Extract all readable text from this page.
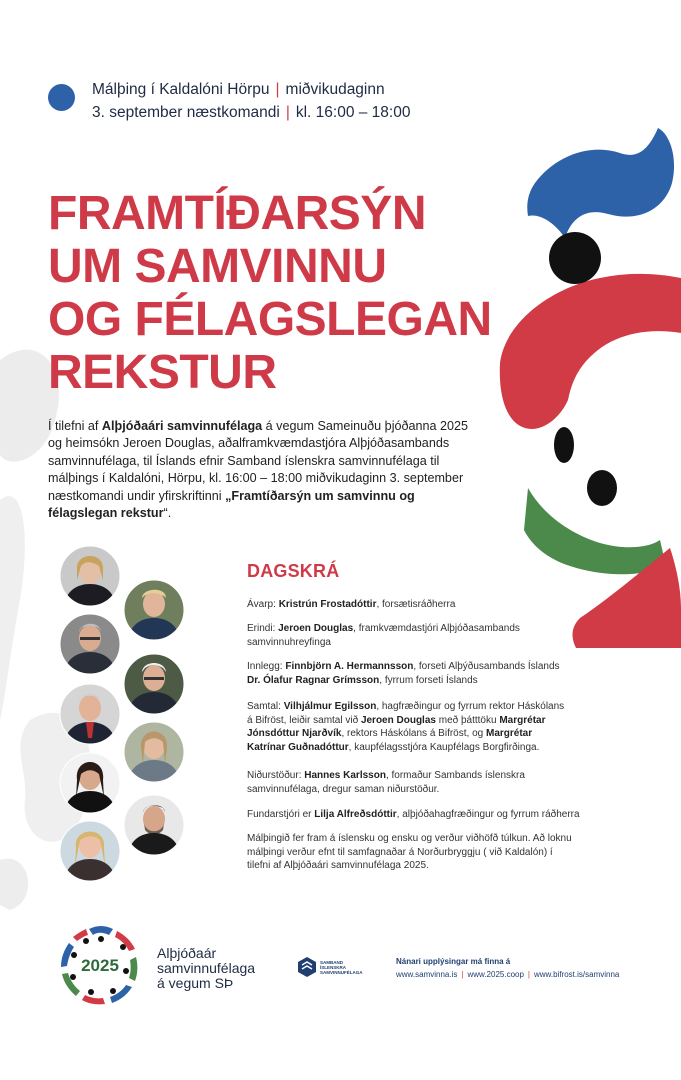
Málþing í Kaldalóni Hörpu | miðvikudaginn
3. september næstkomandi | kl. 16:00 – 18:00
FRAMTÍÐARSÝN
UM SAMVINNU
OG FÉLAGSLEGAN
REKSTUR

Í tilefni af Alþjóðaári samvinnufélaga á vegum Sameinuðu þjóðanna 2025 og heimsókn Jeroen Douglas, aðalframkvæmdastjóra Alþjóðasambands samvinnufélaga, til Íslands efnir Samband íslenskra samvinnufélaga til málþings í Kaldalóni, Hörpu, kl. 16:00 – 18:00 miðvikudaginn 3. september næstkomandi undir yfirskriftinni „Framtíðarsýn um samvinnu og félagslegan rekstur“.

DAGSKRÁ
Ávarp: Kristrún Frostadóttir, forsætisráðherra
Erindi: Jeroen Douglas, framkvæmdastjóri Alþjóðasambands samvinnuhreyfinga
Innlegg: Finnbjörn A. Hermannsson, forseti Alþýðusambands Íslands
Dr. Ólafur Ragnar Grímsson, fyrrum forseti Íslands
Samtal: Vilhjálmur Egilsson, hagfræðingur og fyrrum rektor Háskólans á Bifröst, leiðir samtal við Jeroen Douglas með þátttöku Margrétar Jónsdóttur Njarðvík, rektors Háskólans á Bifröst, og Margrétar Katrínar Guðnadóttur, kaupfélagsstjóra Kaupfélags Borgfirðinga.
Niðurstöður: Hannes Karlsson, formaður Sambands íslenskra samvinnufélaga, dregur saman niðurstöður.
Fundarstjóri er Lilja Alfreðsdóttir, alþjóðahagfræðingur og fyrrum ráðherra
Málþingið fer fram á íslensku og ensku og verður viðhöfð túlkun. Að loknu málþingi verður efnt til samfagnaðar á Norðurbryggju ( við Kaldalón) í tilefni af Alþjóðaári samvinnufélaga 2025.
2025
Alþjóðaár
samvinnufélaga
á vegum SÞ
SAMBAND
ÍSLENSKRA
SAMVINNUFÉLAGA
Nánari upplýsingar má finna á
www.samvinna.is | www.2025.coop | www.bifrost.is/samvinna
